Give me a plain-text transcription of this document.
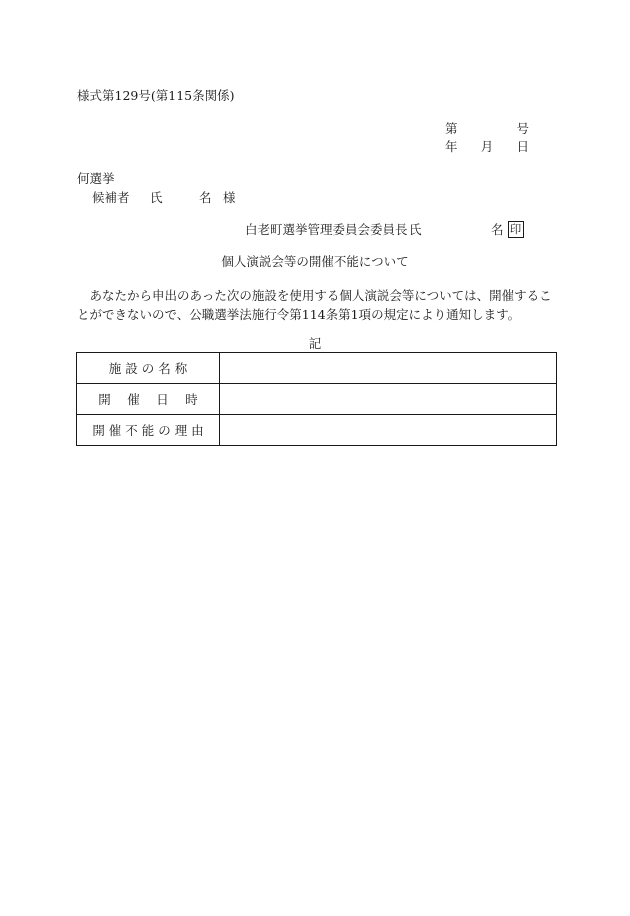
様式第129号(第115条関係)
第	号
年 月 日
何選挙
候補者	氏	名 様
白老町選挙管理委員会委員長 氏	名 印
個人演説会等の開催不能について
あなたから申出のあった次の施設を使用する個人演説会等については、開催することができないので、公職選挙法施行令第114条第1項の規定により通知します。
記
施 設 の 名 称	
開　 催　 日　 時	
開 催 不 能 の 理 由	
